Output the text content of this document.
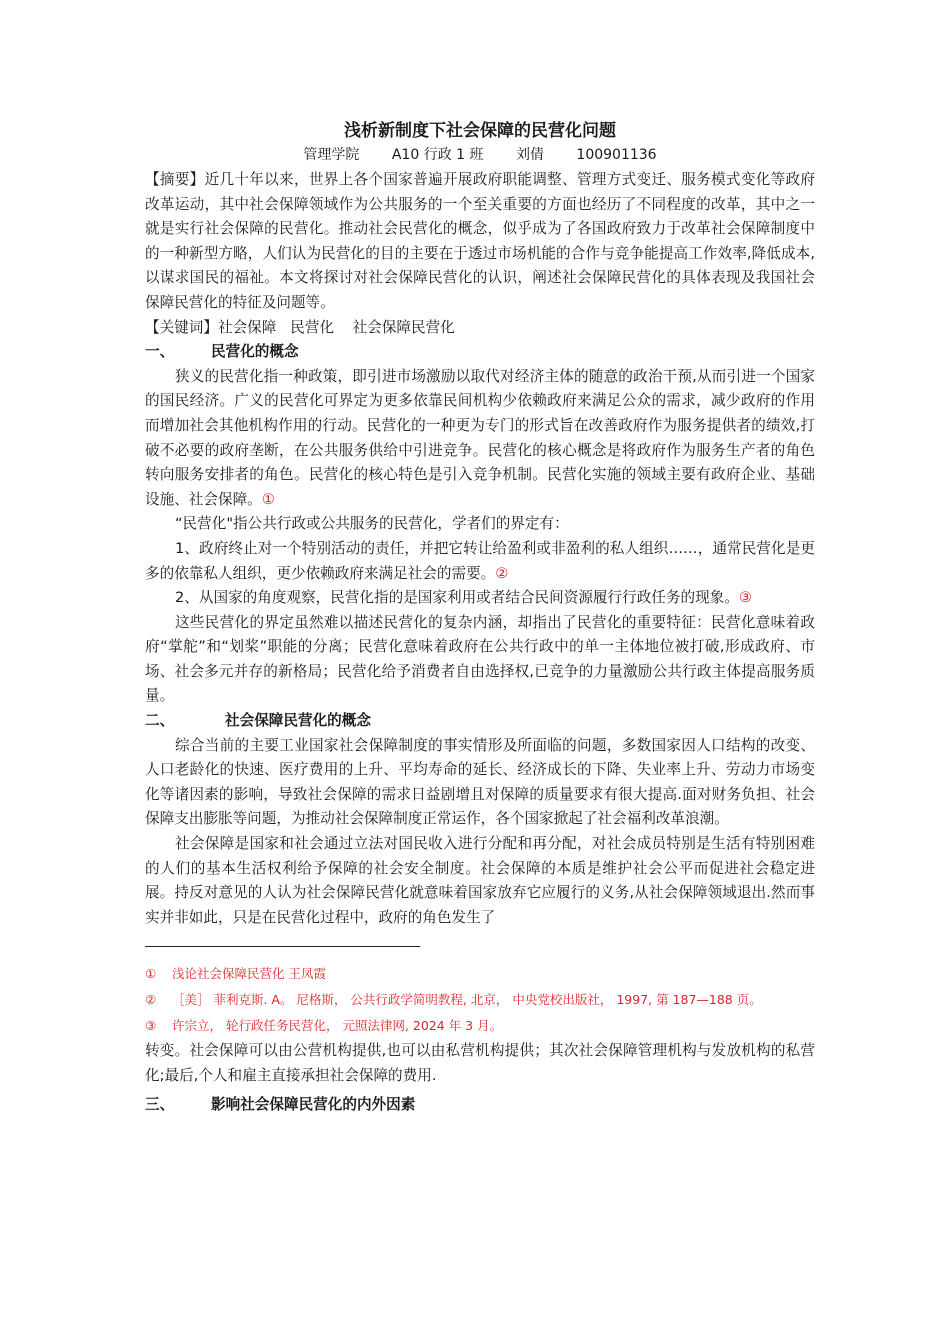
浅析新制度下社会保障的民营化问题
管理学院 A10 行政 1 班 刘倩 100901136

【摘要】近几十年以来，世界上各个国家普遍开展政府职能调整、管理方式变迁、服务模式变化等政府改革运动，其中社会保障领域作为公共服务的一个至关重要的方面也经历了不同程度的改革，其中之一就是实行社会保障的民营化。推动社会民营化的概念，似乎成为了各国政府致力于改革社会保障制度中的一种新型方略，人们认为民营化的目的主要在于透过市场机能的合作与竞争能提高工作效率,降低成本,以谋求国民的福祉。本文将探讨对社会保障民营化的认识，阐述社会保障民营化的具体表现及我国社会保障民营化的特征及问题等。

【关键词】社会保障   民营化    社会保障民营化
一、	民营化的概念

狭义的民营化指一种政策，即引进市场激励以取代对经济主体的随意的政治干预,从而引进一个国家的国民经济。广义的民营化可界定为更多依靠民间机构少依赖政府来满足公众的需求，减少政府的作用而增加社会其他机构作用的行动。民营化的一种更为专门的形式旨在改善政府作为服务提供者的绩效,打破不必要的政府垄断，在公共服务供给中引进竞争。民营化的核心概念是将政府作为服务生产者的角色转向服务安排者的角色。民营化的核心特色是引入竞争机制。民营化实施的领域主要有政府企业、基础设施、社会保障。①

“民营化"指公共行政或公共服务的民营化，学者们的界定有：

1、政府终止对一个特别活动的责任，并把它转让给盈利或非盈利的私人组织……，通常民营化是更多的依靠私人组织，更少依赖政府来满足社会的需要。②

2、从国家的角度观察，民营化指的是国家利用或者结合民间资源履行行政任务的现象。③

这些民营化的界定虽然难以描述民营化的复杂内涵，却指出了民营化的重要特征：民营化意味着政府“掌舵”和“划桨”职能的分离；民营化意味着政府在公共行政中的单一主体地位被打破,形成政府、市场、社会多元并存的新格局；民营化给予消费者自由选择权,已竞争的力量激励公共行政主体提高服务质量。

二、	社会保障民营化的概念

综合当前的主要工业国家社会保障制度的事实情形及所面临的问题，多数国家因人口结构的改变、人口老龄化的快速、医疗费用的上升、平均寿命的延长、经济成长的下降、失业率上升、劳动力市场变化等诸因素的影响，导致社会保障的需求日益剧增且对保障的质量要求有很大提高.面对财务负担、社会保障支出膨胀等问题，为推动社会保障制度正常运作，各个国家掀起了社会福利改革浪潮。

社会保障是国家和社会通过立法对国民收入进行分配和再分配，对社会成员特别是生活有特别困难的人们的基本生活权利给予保障的社会安全制度。社会保障的本质是维护社会公平而促进社会稳定进展。持反对意见的人认为社会保障民营化就意味着国家放弃它应履行的义务,从社会保障领域退出.然而事实并非如此，只是在民营化过程中，政府的角色发生了

① 浅论社会保障民营化 王凤霞

② ［美］ 菲利克斯. A。 尼格斯， 公共行政学简明教程, 北京， 中央党校出版社， 1997, 第 187—188 页。

③ 许宗立， 轮行政任务民营化， 元照法律网, 2024 年 3 月。

转变。社会保障可以由公营机构提供,也可以由私营机构提供；其次社会保障管理机构与发放机构的私营化;最后,个人和雇主直接承担社会保障的费用.

三、	影响社会保障民营化的内外因素
